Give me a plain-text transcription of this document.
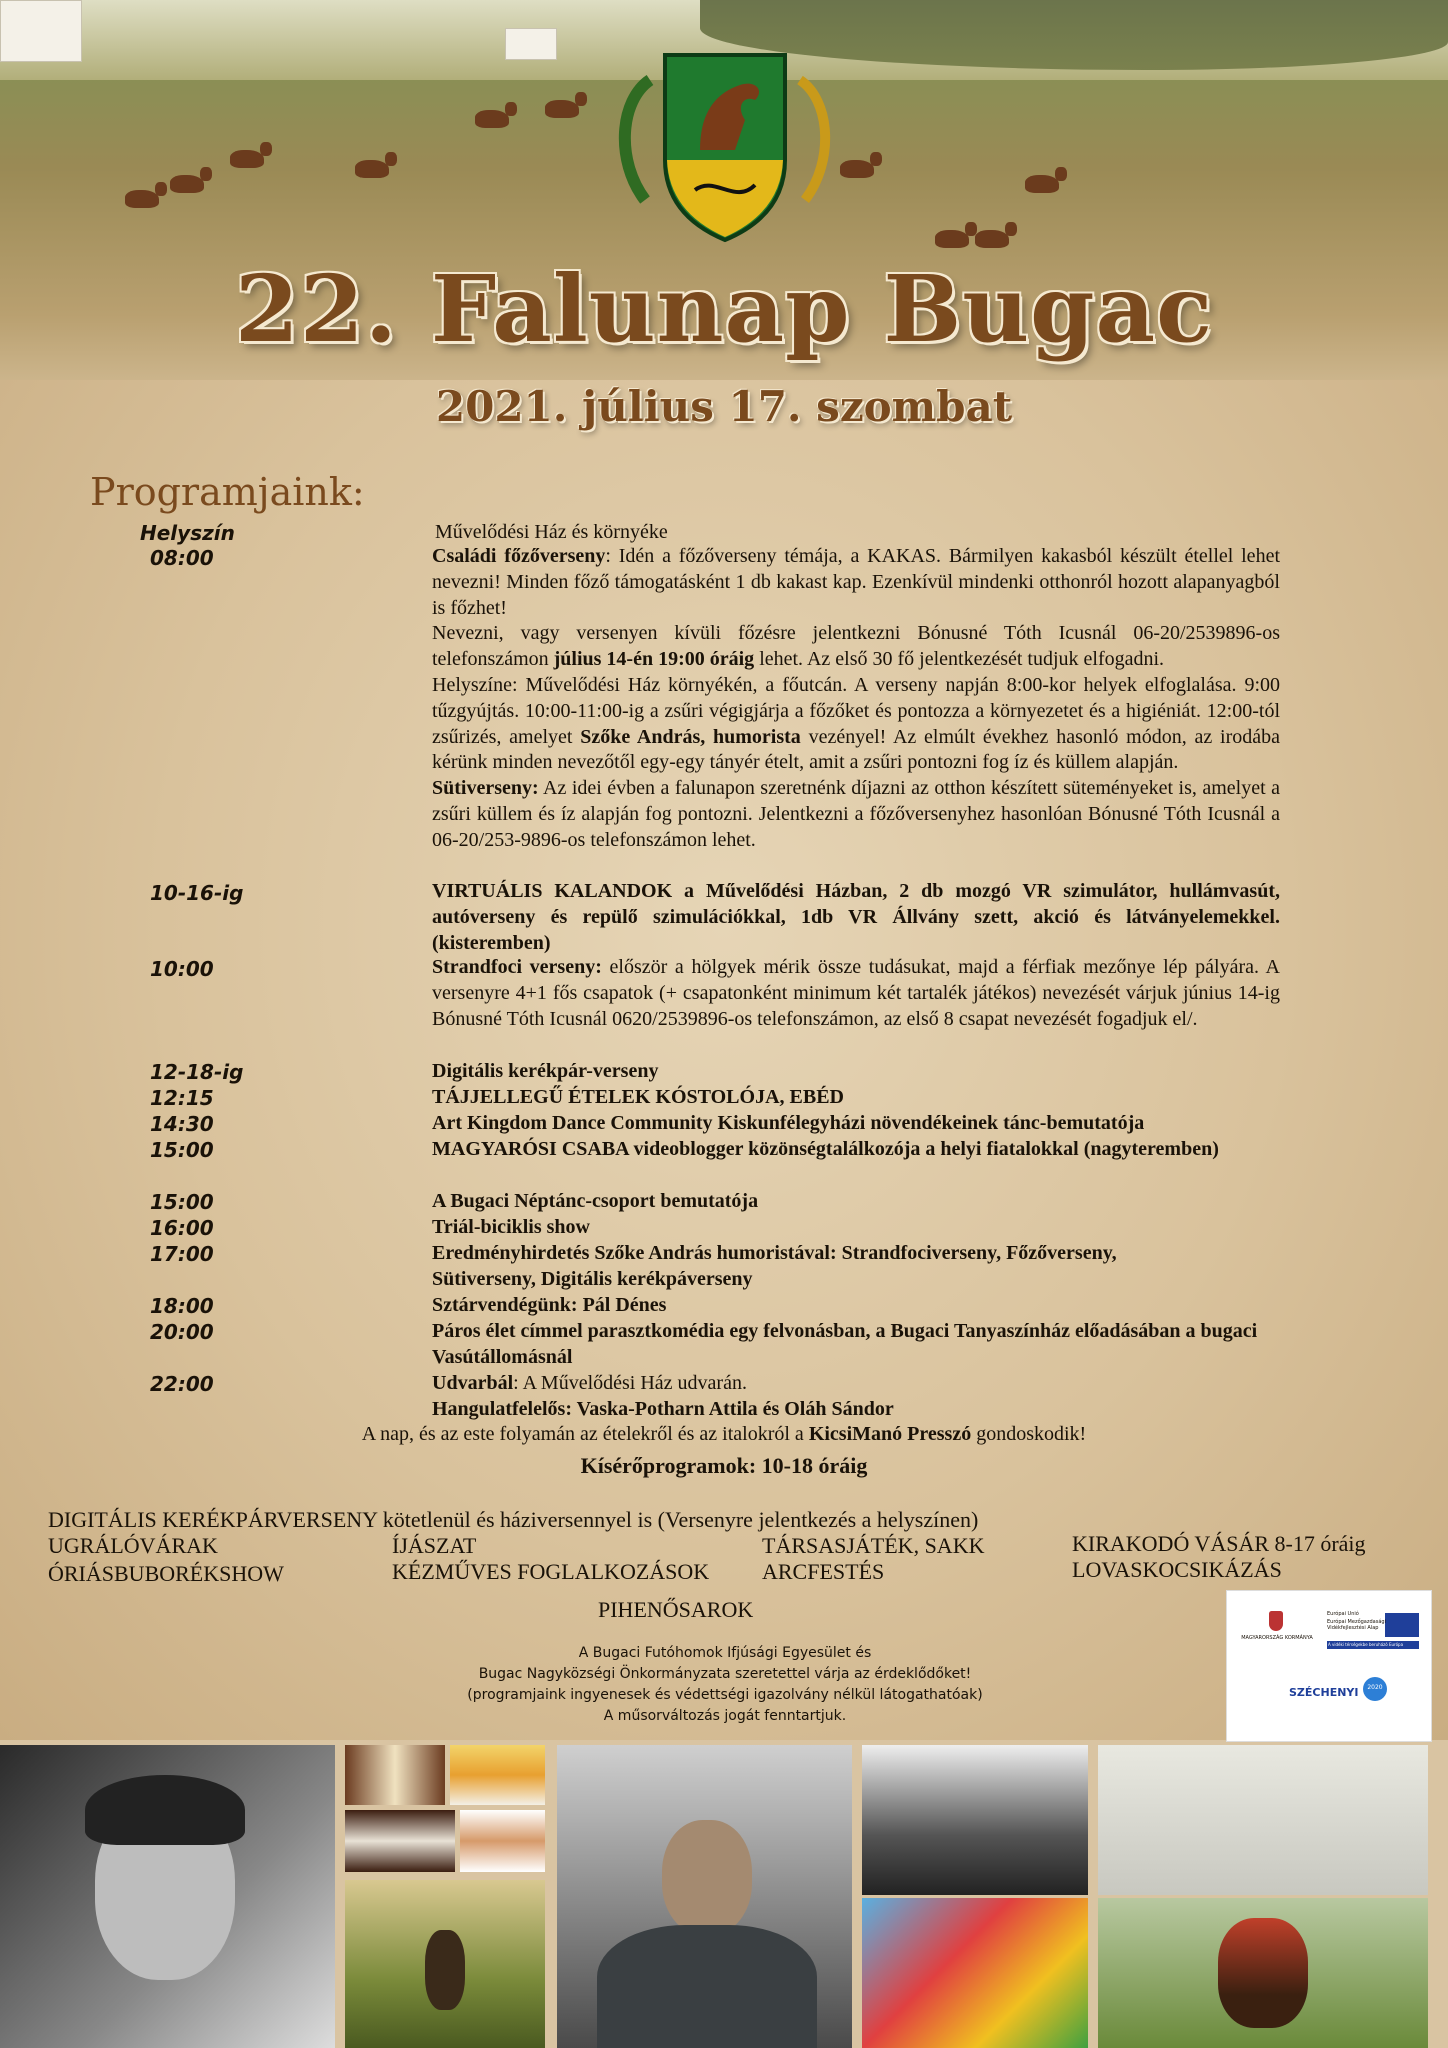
22. Falunap Bugac
2021. július 17. szombat
Programjaink:
Helyszín	Művelődési Ház és környéke
08:00	Családi főzőverseny: Idén a főzőverseny témája, a KAKAS. Bármilyen kakasból készült étellel lehet nevezni! Minden főző támogatásként 1 db kakast kap. Ezenkívül mindenki otthonról hozott alapanyagból is főzhet!
Nevezni, vagy versenyen kívüli főzésre jelentkezni Bónusné Tóth Icusnál 06-20/2539896-os telefonszámon július 14-én 19:00 óráig lehet. Az első 30 fő jelentkezését tudjuk elfogadni.
Helyszíne: Művelődési Ház környékén, a főutcán. A verseny napján 8:00-kor helyek elfoglalása. 9:00 tűzgyújtás. 10:00-11:00-ig a zsűri végigjárja a főzőket és pontozza a környezetet és a higiéniát. 12:00-tól zsűrizés, amelyet Szőke András, humorista vezényel! Az elmúlt évekhez hasonló módon, az irodába kérünk minden nevezőtől egy-egy tányér ételt, amit a zsűri pontozni fog íz és küllem alapján.
Sütiverseny: Az idei évben a falunapon szeretnénk díjazni az otthon készített süteményeket is, amelyet a zsűri küllem és íz alapján fog pontozni. Jelentkezni a főzőversenyhez hasonlóan Bónusné Tóth Icusnál a 06-20/253-9896-os telefonszámon lehet.
10-16-ig	VIRTUÁLIS KALANDOK a Művelődési Házban, 2 db mozgó VR szimulátor, hullámvasút, autóverseny és repülő szimulációkkal, 1db VR Állvány szett, akció és látványelemekkel. (kisteremben)
10:00	Strandfoci verseny: először a hölgyek mérik össze tudásukat, majd a férfiak mezőnye lép pályára. A versenyre 4+1 fős csapatok (+ csapatonként minimum két tartalék játékos) nevezését várjuk június 14-ig Bónusné Tóth Icusnál 0620/2539896-os telefonszámon, az első 8 csapat nevezését fogadjuk el/.
12-18-ig	Digitális kerékpár-verseny
12:15	TÁJJELLEGŰ ÉTELEK KÓSTOLÓJA, EBÉD
14:30	Art Kingdom Dance Community Kiskunfélegyházi növendékeinek tánc-bemutatója
15:00	MAGYARÓSI CSABA videoblogger közönségtalálkozója a helyi fiatalokkal (nagyteremben)
15:00	A Bugaci Néptánc-csoport bemutatója
16:00	Triál-biciklis show
17:00	Eredményhirdetés Szőke András humoristával: Strandfociverseny, Főzőverseny, Sütiverseny, Digitális kerékpáverseny
18:00	Sztárvendégünk: Pál Dénes
20:00	Páros élet címmel parasztkomédia egy felvonásban, a Bugaci Tanyaszínház előadásában a bugaci Vasútállomásnál
22:00	Udvarbál: A Művelődési Ház udvarán.
Hangulatfelelős: Vaska-Potharn Attila és Oláh Sándor
A nap, és az este folyamán az ételekről és az italokról a KicsiManó Presszó gondoskodik!
Kísérőprogramok: 10-18 óráig
DIGITÁLIS KERÉKPÁRVERSENY kötetlenül és háziversennyel is (Versenyre jelentkezés a helyszínen)
UGRÁLÓVÁRAK
ÓRIÁSBUBORÉKSHOW
ÍJÁSZAT
KÉZMŰVES FOGLALKOZÁSOK
TÁRSASJÁTÉK, SAKK
ARCFESTÉS
KIRAKODÓ VÁSÁR 8-17 óráig
LOVASKOCSIKÁZÁS
PIHENŐSAROK
A Bugaci Futóhomok Ifjúsági Egyesület és
Bugac Nagyközségi Önkormányzata szeretettel várja az érdeklődőket!
(programjaink ingyenesek és védettségi igazolvány nélkül látogathatóak)
A műsorváltozás jogát fenntartjuk.
MAGYARORSZÁG KORMÁNYA
Európai Unió
Európai Mezőgazdasági Vidékfejlesztési Alap
A vidéki térségekbe beruházó Európa
SZÉCHENYI	2020
